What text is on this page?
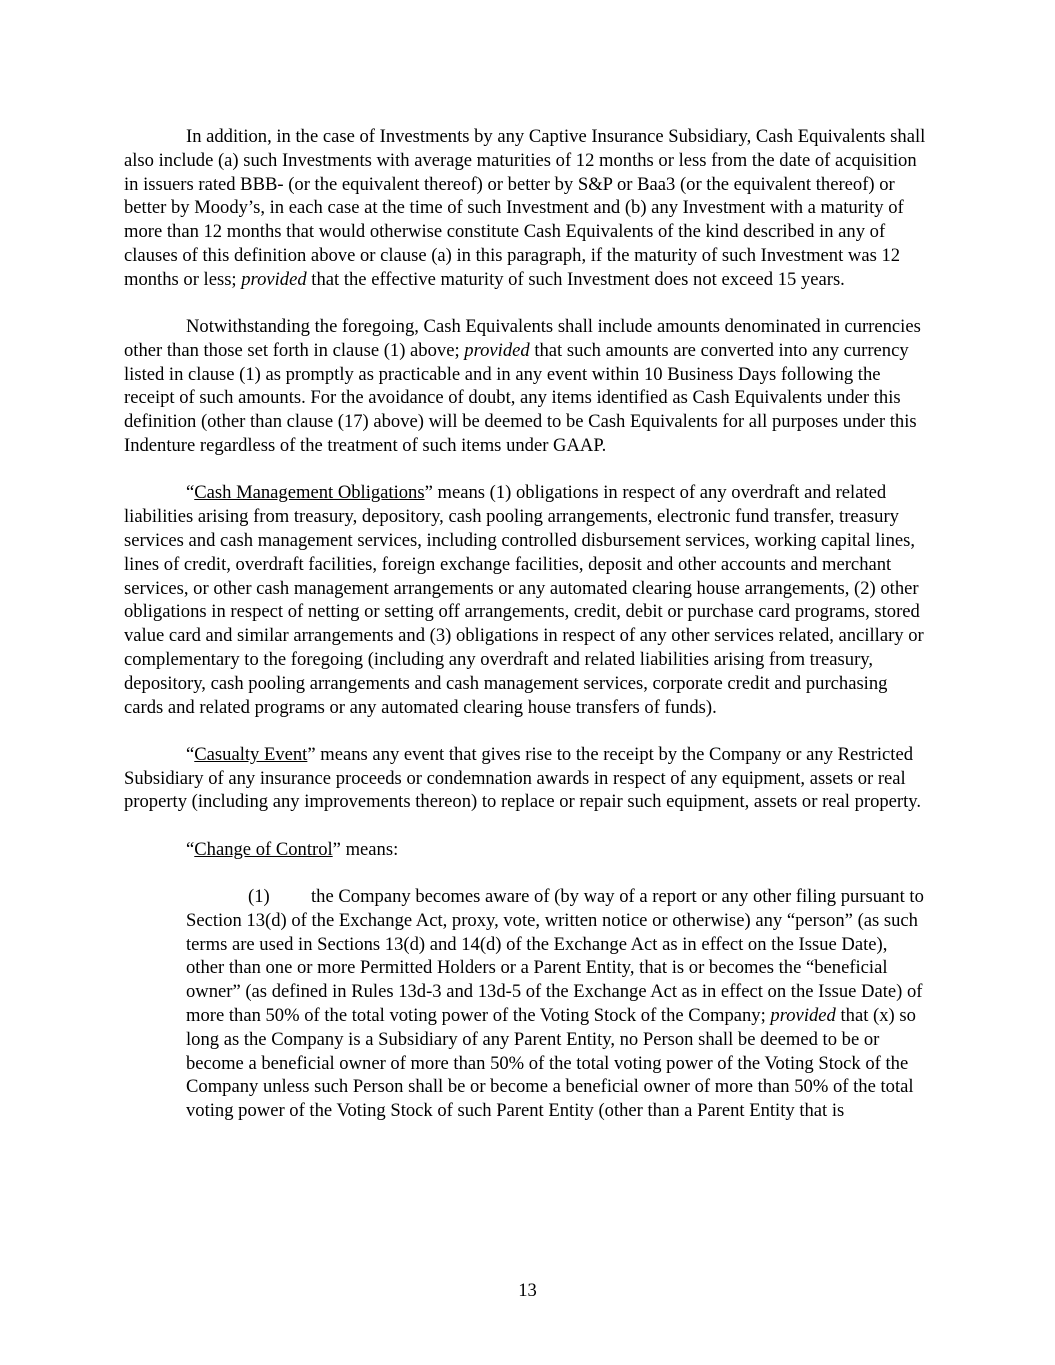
In addition, in the case of Investments by any Captive Insurance Subsidiary, Cash Equivalents shall also include (a) such Investments with average maturities of 12 months or less from the date of acquisition in issuers rated BBB- (or the equivalent thereof) or better by S&P or Baa3 (or the equivalent thereof) or better by Moody’s, in each case at the time of such Investment and (b) any Investment with a maturity of more than 12 months that would otherwise constitute Cash Equivalents of the kind described in any of clauses of this definition above or clause (a) in this paragraph, if the maturity of such Investment was 12 months or less; provided that the effective maturity of such Investment does not exceed 15 years.

Notwithstanding the foregoing, Cash Equivalents shall include amounts denominated in currencies other than those set forth in clause (1) above; provided that such amounts are converted into any currency listed in clause (1) as promptly as practicable and in any event within 10 Business Days following the receipt of such amounts. For the avoidance of doubt, any items identified as Cash Equivalents under this definition (other than clause (17) above) will be deemed to be Cash Equivalents for all purposes under this Indenture regardless of the treatment of such items under GAAP.

“Cash Management Obligations” means (1) obligations in respect of any overdraft and related liabilities arising from treasury, depository, cash pooling arrangements, electronic fund transfer, treasury services and cash management services, including controlled disbursement services, working capital lines, lines of credit, overdraft facilities, foreign exchange facilities, deposit and other accounts and merchant services, or other cash management arrangements or any automated clearing house arrangements, (2) other obligations in respect of netting or setting off arrangements, credit, debit or purchase card programs, stored value card and similar arrangements and (3) obligations in respect of any other services related, ancillary or complementary to the foregoing (including any overdraft and related liabilities arising from treasury, depository, cash pooling arrangements and cash management services, corporate credit and purchasing cards and related programs or any automated clearing house transfers of funds).

“Casualty Event” means any event that gives rise to the receipt by the Company or any Restricted Subsidiary of any insurance proceeds or condemnation awards in respect of any equipment, assets or real property (including any improvements thereon) to replace or repair such equipment, assets or real property.

“Change of Control” means:

(1) the Company becomes aware of (by way of a report or any other filing pursuant to Section 13(d) of the Exchange Act, proxy, vote, written notice or otherwise) any “person” (as such terms are used in Sections 13(d) and 14(d) of the Exchange Act as in effect on the Issue Date), other than one or more Permitted Holders or a Parent Entity, that is or becomes the “beneficial owner” (as defined in Rules 13d-3 and 13d-5 of the Exchange Act as in effect on the Issue Date) of more than 50% of the total voting power of the Voting Stock of the Company; provided that (x) so long as the Company is a Subsidiary of any Parent Entity, no Person shall be deemed to be or become a beneficial owner of more than 50% of the total voting power of the Voting Stock of the Company unless such Person shall be or become a beneficial owner of more than 50% of the total voting power of the Voting Stock of such Parent Entity (other than a Parent Entity that is

13
